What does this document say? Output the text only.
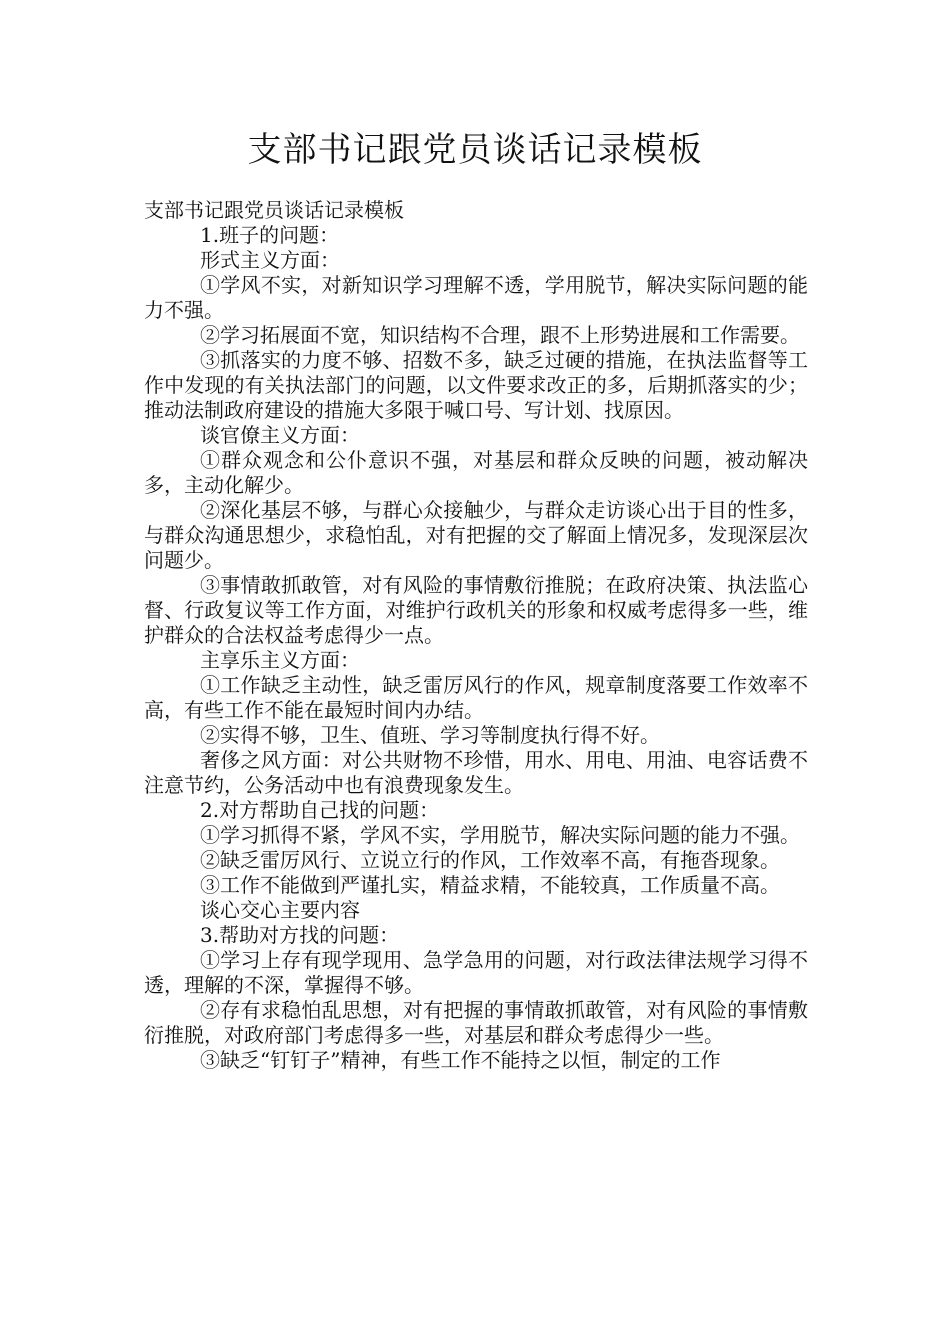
支部书记跟党员谈话记录模板

支部书记跟党员谈话记录模板

1.班子的问题：

形式主义方面：

①学风不实，对新知识学习理解不透，学用脱节，解决实际问题的能力不强。

②学习拓展面不宽，知识结构不合理，跟不上形势进展和工作需要。

③抓落实的力度不够、招数不多，缺乏过硬的措施，在执法监督等工作中发现的有关执法部门的问题，以文件要求改正的多，后期抓落实的少；推动法制政府建设的措施大多限于喊口号、写计划、找原因。

谈官僚主义方面：

①群众观念和公仆意识不强，对基层和群众反映的问题，被动解决多，主动化解少。

②深化基层不够，与群心众接触少，与群众走访谈心出于目的性多，与群众沟通思想少，求稳怕乱，对有把握的交了解面上情况多，发现深层次问题少。

③事情敢抓敢管，对有风险的事情敷衍推脱；在政府决策、执法监心督、行政复议等工作方面，对维护行政机关的形象和权威考虑得多一些，维护群众的合法权益考虑得少一点。

主享乐主义方面：

①工作缺乏主动性，缺乏雷厉风行的作风，规章制度落要工作效率不高，有些工作不能在最短时间内办结。

②实得不够，卫生、值班、学习等制度执行得不好。

奢侈之风方面：对公共财物不珍惜，用水、用电、用油、电容话费不注意节约，公务活动中也有浪费现象发生。

2.对方帮助自己找的问题：

①学习抓得不紧，学风不实，学用脱节，解决实际问题的能力不强。

②缺乏雷厉风行、立说立行的作风，工作效率不高，有拖沓现象。

③工作不能做到严谨扎实，精益求精，不能较真，工作质量不高。

谈心交心主要内容

3.帮助对方找的问题：

①学习上存有现学现用、急学急用的问题，对行政法律法规学习得不透，理解的不深，掌握得不够。

②存有求稳怕乱思想，对有把握的事情敢抓敢管，对有风险的事情敷衍推脱，对政府部门考虑得多一些，对基层和群众考虑得少一些。

③缺乏“钉钉子”精神，有些工作不能持之以恒，制定的工作
